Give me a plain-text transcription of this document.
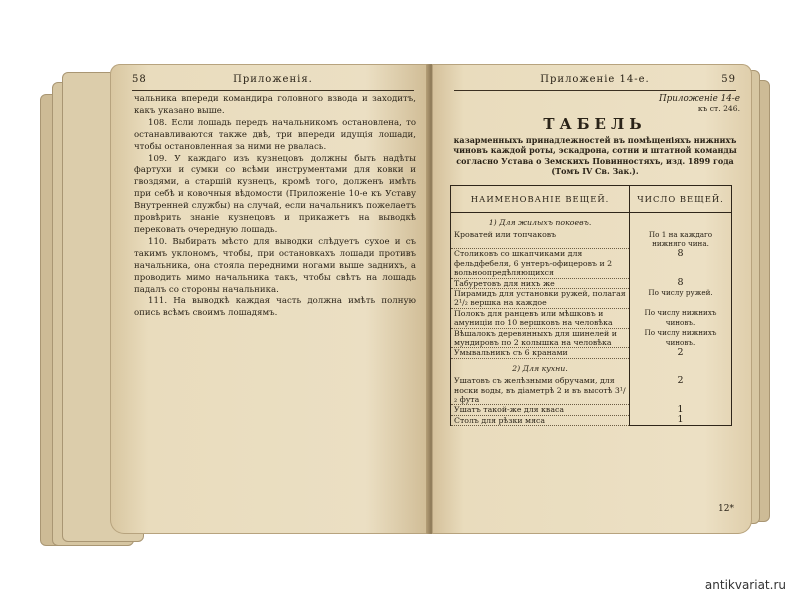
58	Приложенія.

чальника впереди командира головного взвода и заходитъ, какъ указано выше.

108. Если лошадь передъ начальникомъ остановлена, то останавливаются также двѣ, три впереди идущія лошади, чтобы остановленная за ними не рвалась.

109. У каждаго изъ кузнецовъ должны быть надѣты фартухи и сумки со всѣми инструментами для ковки и гвоздями, а старшій кузнецъ, кромѣ того, долженъ имѣть при себѣ и ковочныя вѣдомости (Приложеніе 10-е къ Уставу Внутренней службы) на случай, если начальникъ пожелаетъ провѣрить знаніе кузнецовъ и прикажетъ на выводкѣ перековать очередную лошадь.

110. Выбирать мѣсто для выводки слѣдуетъ сухое и съ такимъ уклономъ, чтобы, при остановкахъ лошади противъ начальника, она стояла передними ногами выше задниxъ, а проводить мимо начальника такъ, чтобы свѣтъ на лошадь падалъ со стороны начальника.

111. На выводкѣ каждая часть должна имѣть полную опись всѣмъ своимъ лошадямъ.

Приложеніе 14-е.	59
Приложеніе 14-е
къ ст. 246.
ТАБЕЛЬ
казарменныхъ принадлежностей въ помѣщеніяхъ нижнихъ чиновъ каждой роты, эскадрона, сотни и штатной команды согласно Устава о Земскихъ Повинностяхъ, изд. 1899 года (Томъ IV Св. Зак.).
НАИМЕНОВАНІЕ ВЕЩЕЙ.	ЧИСЛО ВЕЩЕЙ.
1) Для жилыхъ покоевъ.	
Кроватей или топчаковъ	По 1 на каждаго нижняго чина.
Столиковъ со шкапчиками для фельдфебеля, 6 унтеръ-офицеровъ и 2 вольноопредѣляющихся	8
Табуретовъ для нихъ же	8
Пирамидъ для установки ружей, полагая 2¹/₂ вершка на каждое	По числу ружей.
Полокъ для ранцевъ или мѣшковъ и амуниціи по 10 вершковъ на человѣка	По числу нижнихъ чиновъ.
Вѣшалокъ деревянныхъ для шинелей и мундировъ по 2 колышка на человѣка	По числу нижнихъ чиновъ.
Умывальникъ съ 6 кранами	2
2) Для кухни.	
Ушатовъ съ желѣзными обручами, для носки воды, въ діаметрѣ 2 и въ высотѣ 3¹/₂ фута	2
Ушатъ такой-же для кваса	1
Столъ для рѣзки мяса	1
12*
antikvariat.ru
